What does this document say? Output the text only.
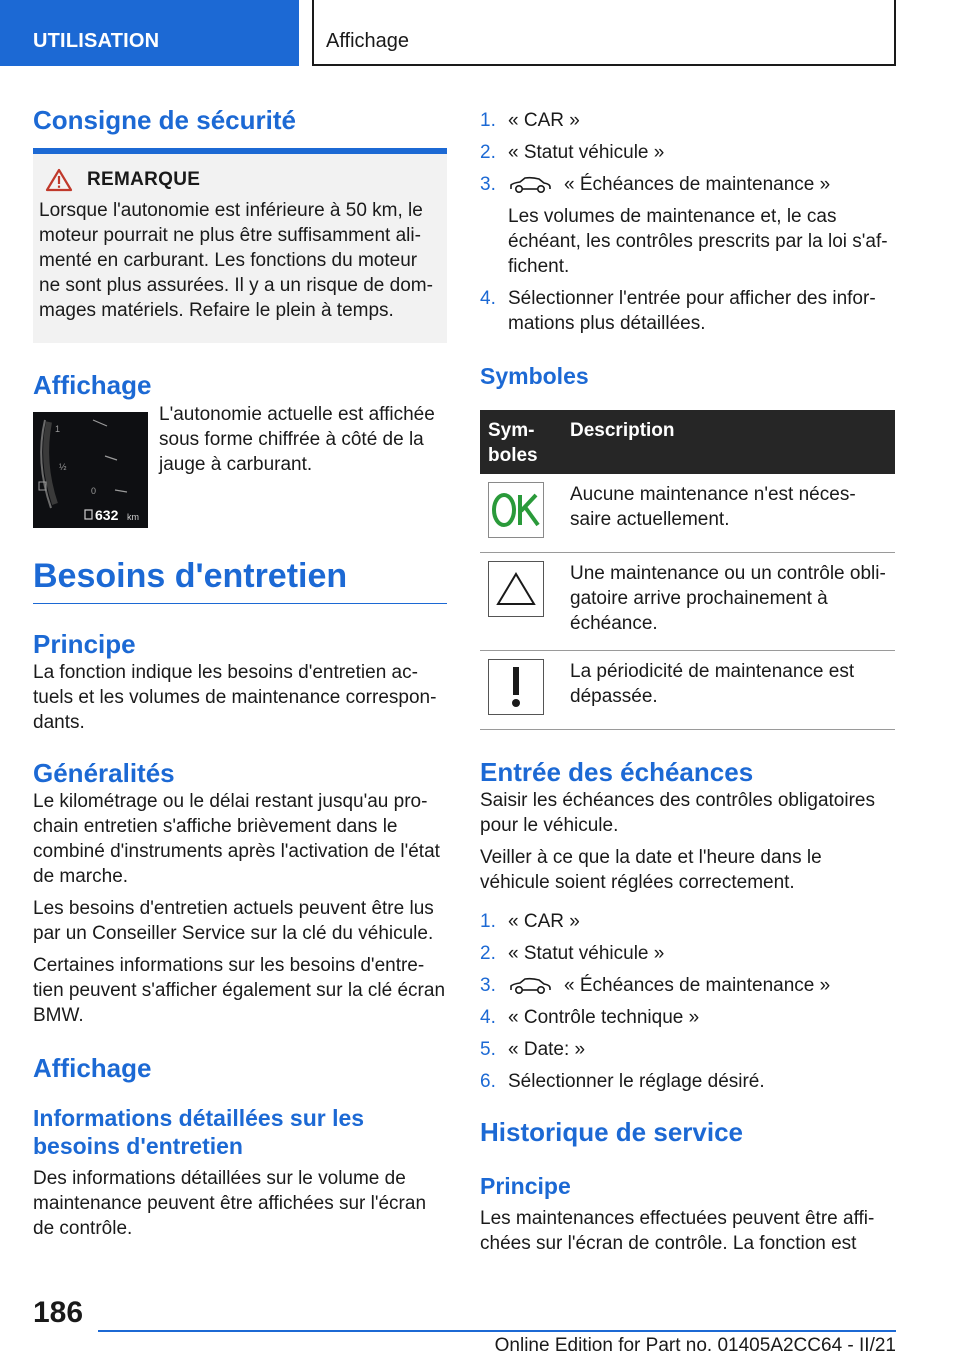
UTILISATION	Affichage
Consigne de sécurité
REMARQUE

Lorsque l'autonomie est inférieure à 50 km, le moteur pourrait ne plus être suffisamment ali-menté en carburant. Les fonctions du moteur ne sont plus assurées. Il y a un risque de dom-mages matériels. Refaire le plein à temps.

Affichage
1
½
0
632 km

L'autonomie actuelle est affichée sous forme chiffrée à côté de la jauge à carburant.

Besoins d'entretien
Principe

La fonction indique les besoins d'entretien ac-tuels et les volumes de maintenance correspon-dants.

Généralités

Le kilométrage ou le délai restant jusqu'au pro-chain entretien s'affiche brièvement dans le combiné d'instruments après l'activation de l'état de marche.

Les besoins d'entretien actuels peuvent être lus par un Conseiller Service sur la clé du véhicule.

Certaines informations sur les besoins d'entre-tien peuvent s'afficher également sur la clé écran BMW.

Affichage
Informations détaillées sur les besoins d'entretien

Des informations détaillées sur le volume de maintenance peuvent être affichées sur l'écran de contrôle.

1. « CAR »
2. « Statut véhicule »
3.	« Échéances de maintenance »
Les volumes de maintenance et, le cas échéant, les contrôles prescrits par la loi s'af-fichent.
4. Sélectionner l'entrée pour afficher des infor-mations plus détaillées.
Symboles
Sym-boles	Description

	Aucune maintenance n'est néces-saire actuellement.

	Une maintenance ou un contrôle obli-gatoire arrive prochainement à échéance.

	La périodicité de maintenance est dépassée.
Entrée des échéances

Saisir les échéances des contrôles obligatoires pour le véhicule.

Veiller à ce que la date et l'heure dans le véhicule soient réglées correctement.

1. « CAR »
2. « Statut véhicule »
3.	« Échéances de maintenance »
4. « Contrôle technique »
5. « Date: »
6. Sélectionner le réglage désiré.
Historique de service
Principe

Les maintenances effectuées peuvent être affi-chées sur l'écran de contrôle. La fonction est

186
Online Edition for Part no. 01405A2CC64 - II/21
